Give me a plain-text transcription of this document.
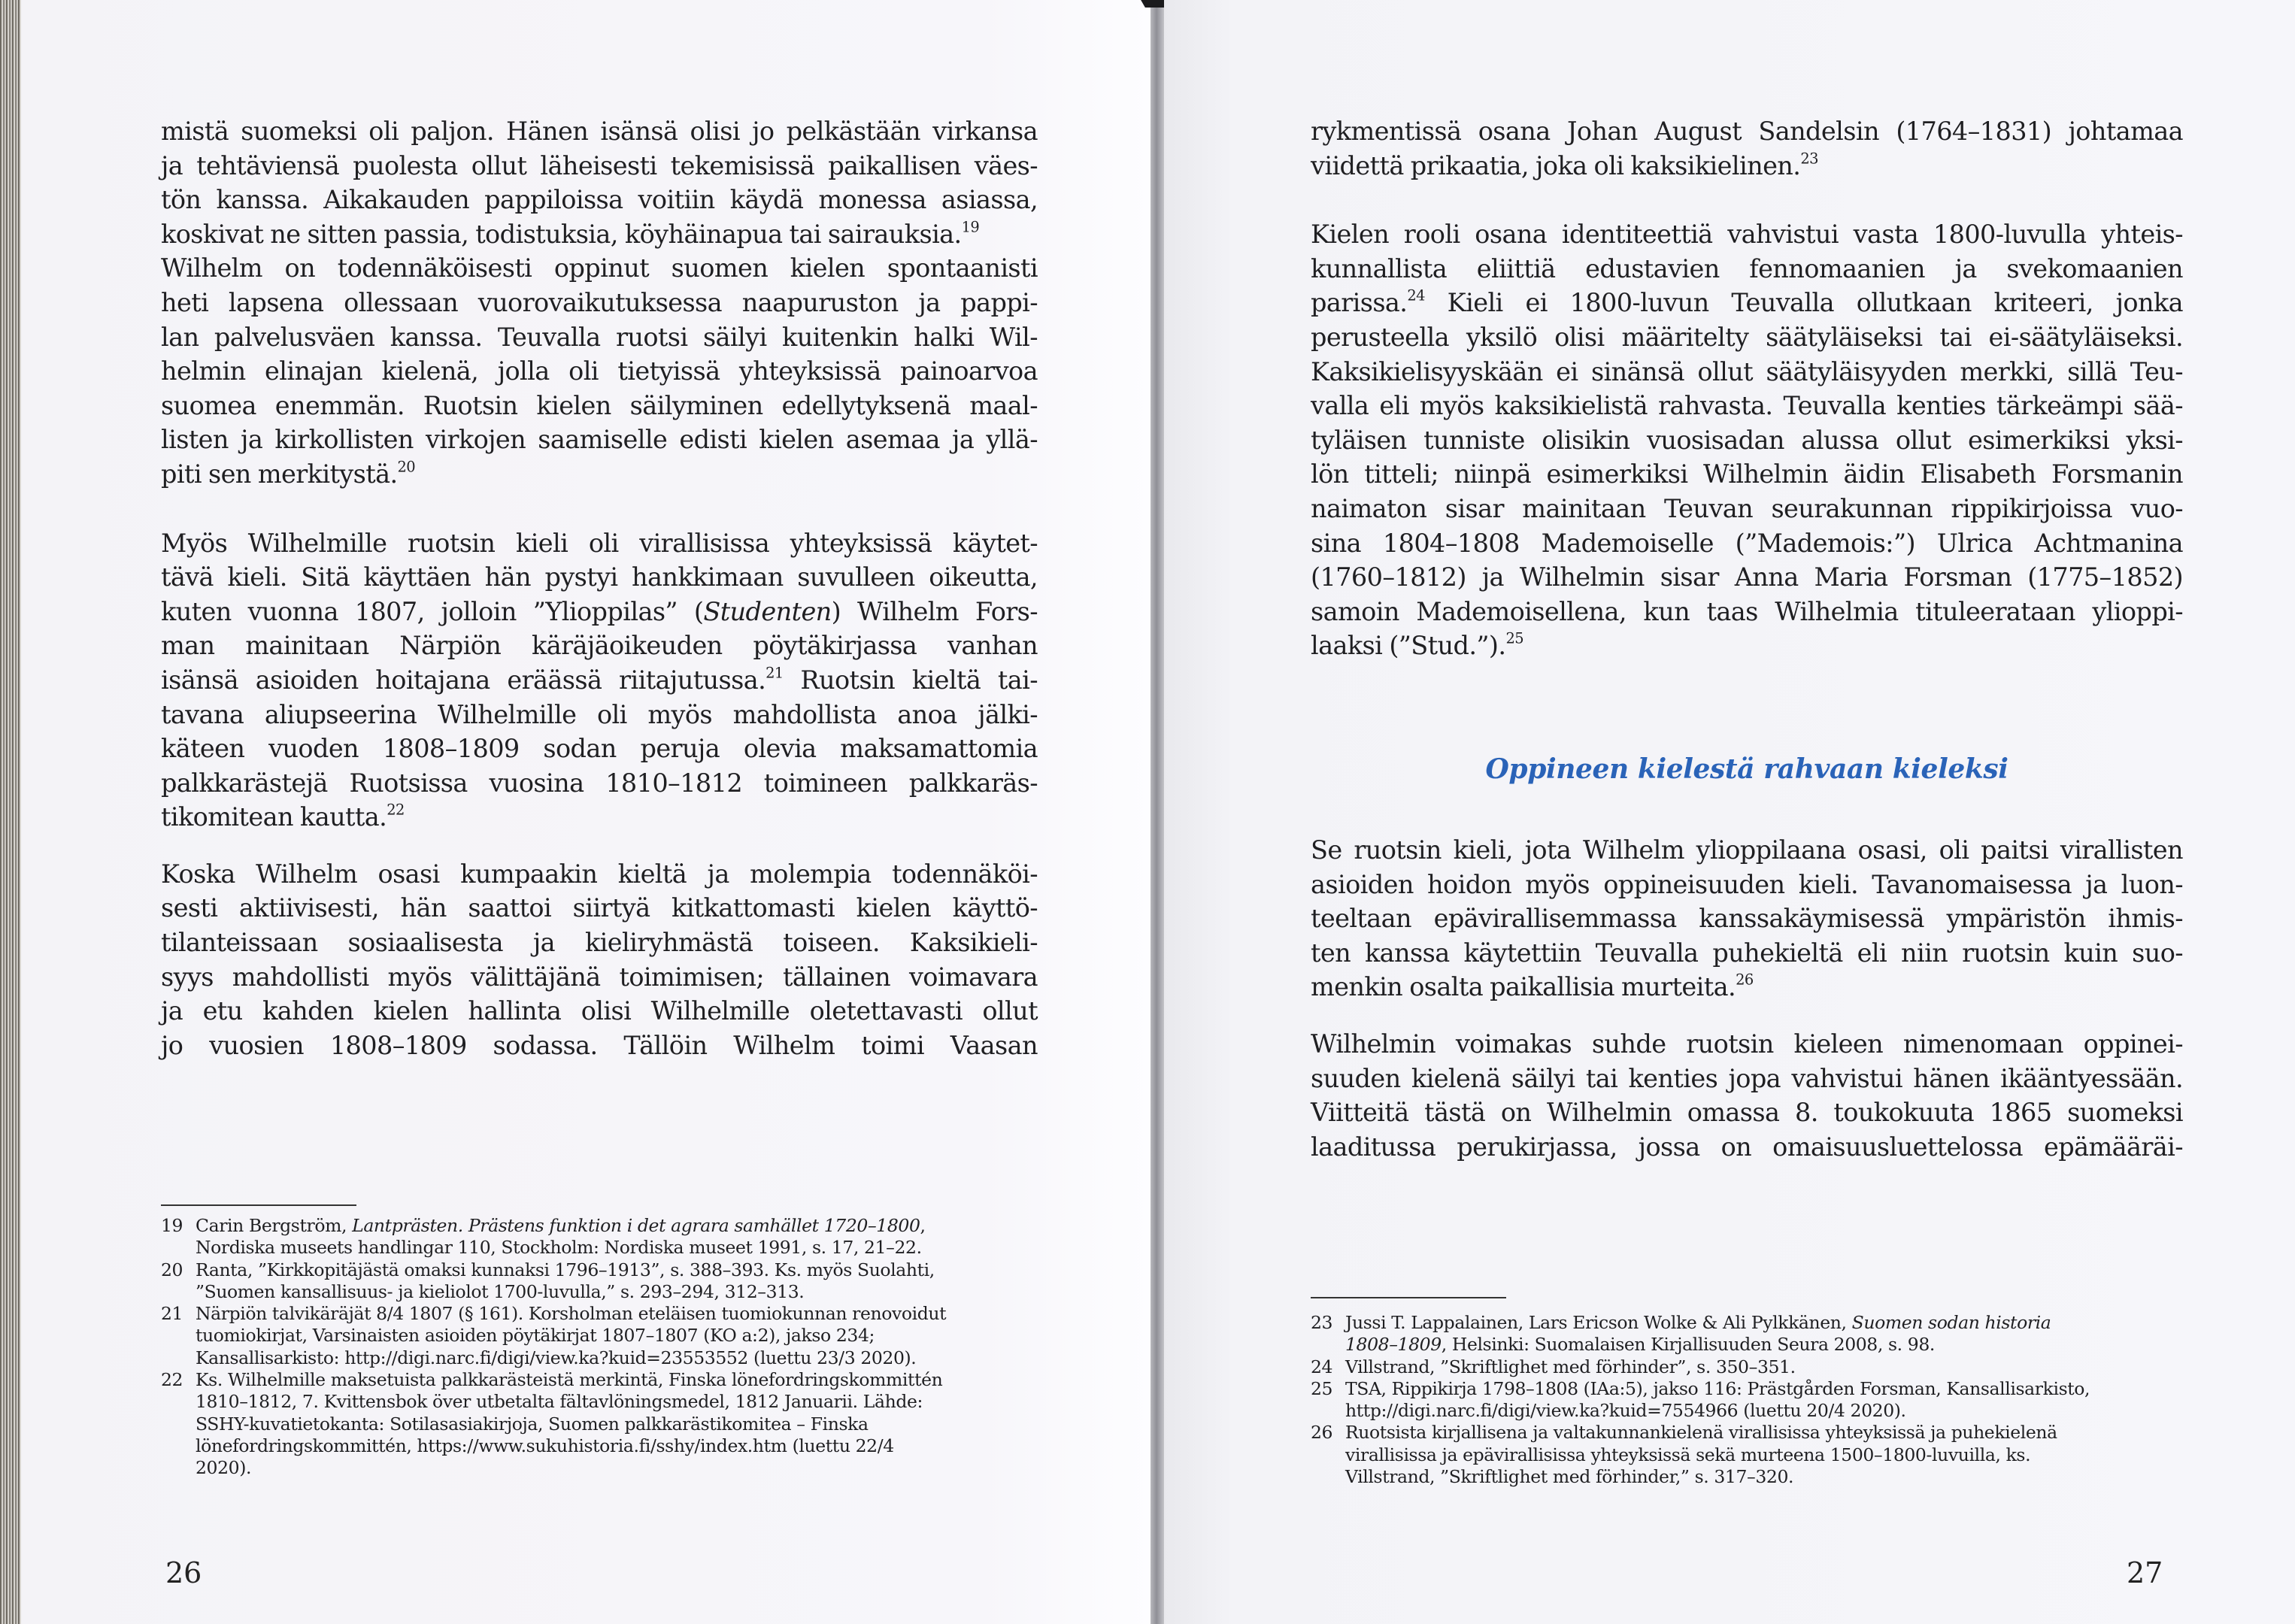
mistä suomeksi oli paljon. Hänen isänsä olisi jo pelkästään virkansa
ja tehtäviensä puolesta ollut läheisesti tekemisissä paikallisen väes-
tön kanssa. Aikakauden pappiloissa voitiin käydä monessa asiassa,
koskivat ne sitten passia, todistuksia, köyhäinapua tai sairauksia.$^{19}$
Wilhelm on todennäköisesti oppinut suomen kielen spontaanisti
heti lapsena ollessaan vuorovaikutuksessa naapuruston ja pappi-
lan palvelusväen kanssa. Teuvalla ruotsi säilyi kuitenkin halki Wil-
helmin elinajan kielenä, jolla oli tietyissä yhteyksissä painoarvoa
suomea enemmän. Ruotsin kielen säilyminen edellytyksenä maal-
listen ja kirkollisten virkojen saamiselle edisti kielen asemaa ja yllä-
piti sen merkitystä.$^{20}$

Myös Wilhelmille ruotsin kieli oli virallisissa yhteyksissä käytet-
tävä kieli. Sitä käyttäen hän pystyi hankkimaan suvulleen oikeutta,
kuten vuonna 1807, jolloin ”Ylioppilas” (Studenten) Wilhelm Fors-
man mainitaan Närpiön käräjäoikeuden pöytäkirjassa vanhan
isänsä asioiden hoitajana eräässä riitajutussa.$^{21}$ Ruotsin kieltä tai-
tavana aliupseerina Wilhelmille oli myös mahdollista anoa jälki-
käteen vuoden 1808–1809 sodan peruja olevia maksamattomia
palkkarästejä Ruotsissa vuosina 1810–1812 toimineen palkkaräs-
tikomitean kautta.$^{22}$

Koska Wilhelm osasi kumpaakin kieltä ja molempia todennäköi-
sesti aktiivisesti, hän saattoi siirtyä kitkattomasti kielen käyttö-
tilanteissaan sosiaalisesta ja kieliryhmästä toiseen. Kaksikieli-
syys mahdollisti myös välittäjänä toimimisen; tällainen voimavara
ja etu kahden kielen hallinta olisi Wilhelmille oletettavasti ollut
jo vuosien 1808–1809 sodassa. Tällöin Wilhelm toimi Vaasan

19 Carin Bergström, Lantprästen. Prästens funktion i det agrara samhället 1720–1800,
Nordiska museets handlingar 110, Stockholm: Nordiska museet 1991, s. 17, 21–22.

20 Ranta, ”Kirkkopitäjästä omaksi kunnaksi 1796–1913”, s. 388–393. Ks. myös Suolahti,
”Suomen kansallisuus- ja kieliolot 1700-luvulla,” s. 293–294, 312–313.

21 Närpiön talvikäräjät 8/4 1807 (§ 161). Korsholman eteläisen tuomiokunnan renovoidut
tuomiokirjat, Varsinaisten asioiden pöytäkirjat 1807–1807 (KO a:2), jakso 234;
Kansallisarkisto: http://digi.narc.fi/digi/view.ka?kuid=23553552 (luettu 23/3 2020).

22 Ks. Wilhelmille maksetuista palkkarästeistä merkintä, Finska lönefordringskommittén
1810–1812, 7. Kvittensbok över utbetalta fältavlöningsmedel, 1812 Januarii. Lähde:
SSHY-kuvatietokanta: Sotilasasiakirjoja, Suomen palkkarästikomitea – Finska
lönefordringskommittén, https://www.sukuhistoria.fi/sshy/index.htm (luettu 22/4
2020).

26

rykmentissä osana Johan August Sandelsin (1764–1831) johtamaa
viidettä prikaatia, joka oli kaksikielinen.$^{23}$

Kielen rooli osana identiteettiä vahvistui vasta 1800-luvulla yhteis-
kunnallista eliittiä edustavien fennomaanien ja svekomaanien
parissa.$^{24}$ Kieli ei 1800-luvun Teuvalla ollutkaan kriteeri, jonka
perusteella yksilö olisi määritelty säätyläiseksi tai ei-säätyläiseksi.
Kaksikielisyyskään ei sinänsä ollut säätyläisyyden merkki, sillä Teu-
valla eli myös kaksikielistä rahvasta. Teuvalla kenties tärkeämpi sää-
tyläisen tunniste olisikin vuosisadan alussa ollut esimerkiksi yksi-
lön titteli; niinpä esimerkiksi Wilhelmin äidin Elisabeth Forsmanin
naimaton sisar mainitaan Teuvan seurakunnan rippikirjoissa vuo-
sina 1804–1808 Mademoiselle (”Mademois:”) Ulrica Achtmanina
(1760–1812) ja Wilhelmin sisar Anna Maria Forsman (1775–1852)
samoin Mademoisellena, kun taas Wilhelmia tituleerataan ylioppi-
laaksi (”Stud.”).$^{25}$

Oppineen kielestä rahvaan kieleksi

Se ruotsin kieli, jota Wilhelm ylioppilaana osasi, oli paitsi virallisten
asioiden hoidon myös oppineisuuden kieli. Tavanomaisessa ja luon-
teeltaan epävirallisemmassa kanssakäymisessä ympäristön ihmis-
ten kanssa käytettiin Teuvalla puhekieltä eli niin ruotsin kuin suo-
menkin osalta paikallisia murteita.$^{26}$

Wilhelmin voimakas suhde ruotsin kieleen nimenomaan oppinei-
suuden kielenä säilyi tai kenties jopa vahvistui hänen ikääntyessään.
Viitteitä tästä on Wilhelmin omassa 8. toukokuuta 1865 suomeksi
laaditussa perukirjassa, jossa on omaisuusluettelossa epämääräi-

23 Jussi T. Lappalainen, Lars Ericson Wolke & Ali Pylkkänen, Suomen sodan historia
1808–1809, Helsinki: Suomalaisen Kirjallisuuden Seura 2008, s. 98.

24 Villstrand, ”Skriftlighet med förhinder”, s. 350–351.

25 TSA, Rippikirja 1798–1808 (IAa:5), jakso 116: Prästgården Forsman, Kansallisarkisto,
http://digi.narc.fi/digi/view.ka?kuid=7554966 (luettu 20/4 2020).

26 Ruotsista kirjallisena ja valtakunnankielenä virallisissa yhteyksissä ja puhekielenä
virallisissa ja epävirallisissa yhteyksissä sekä murteena 1500–1800-luvuilla, ks.
Villstrand, ”Skriftlighet med förhinder,” s. 317–320.

27
